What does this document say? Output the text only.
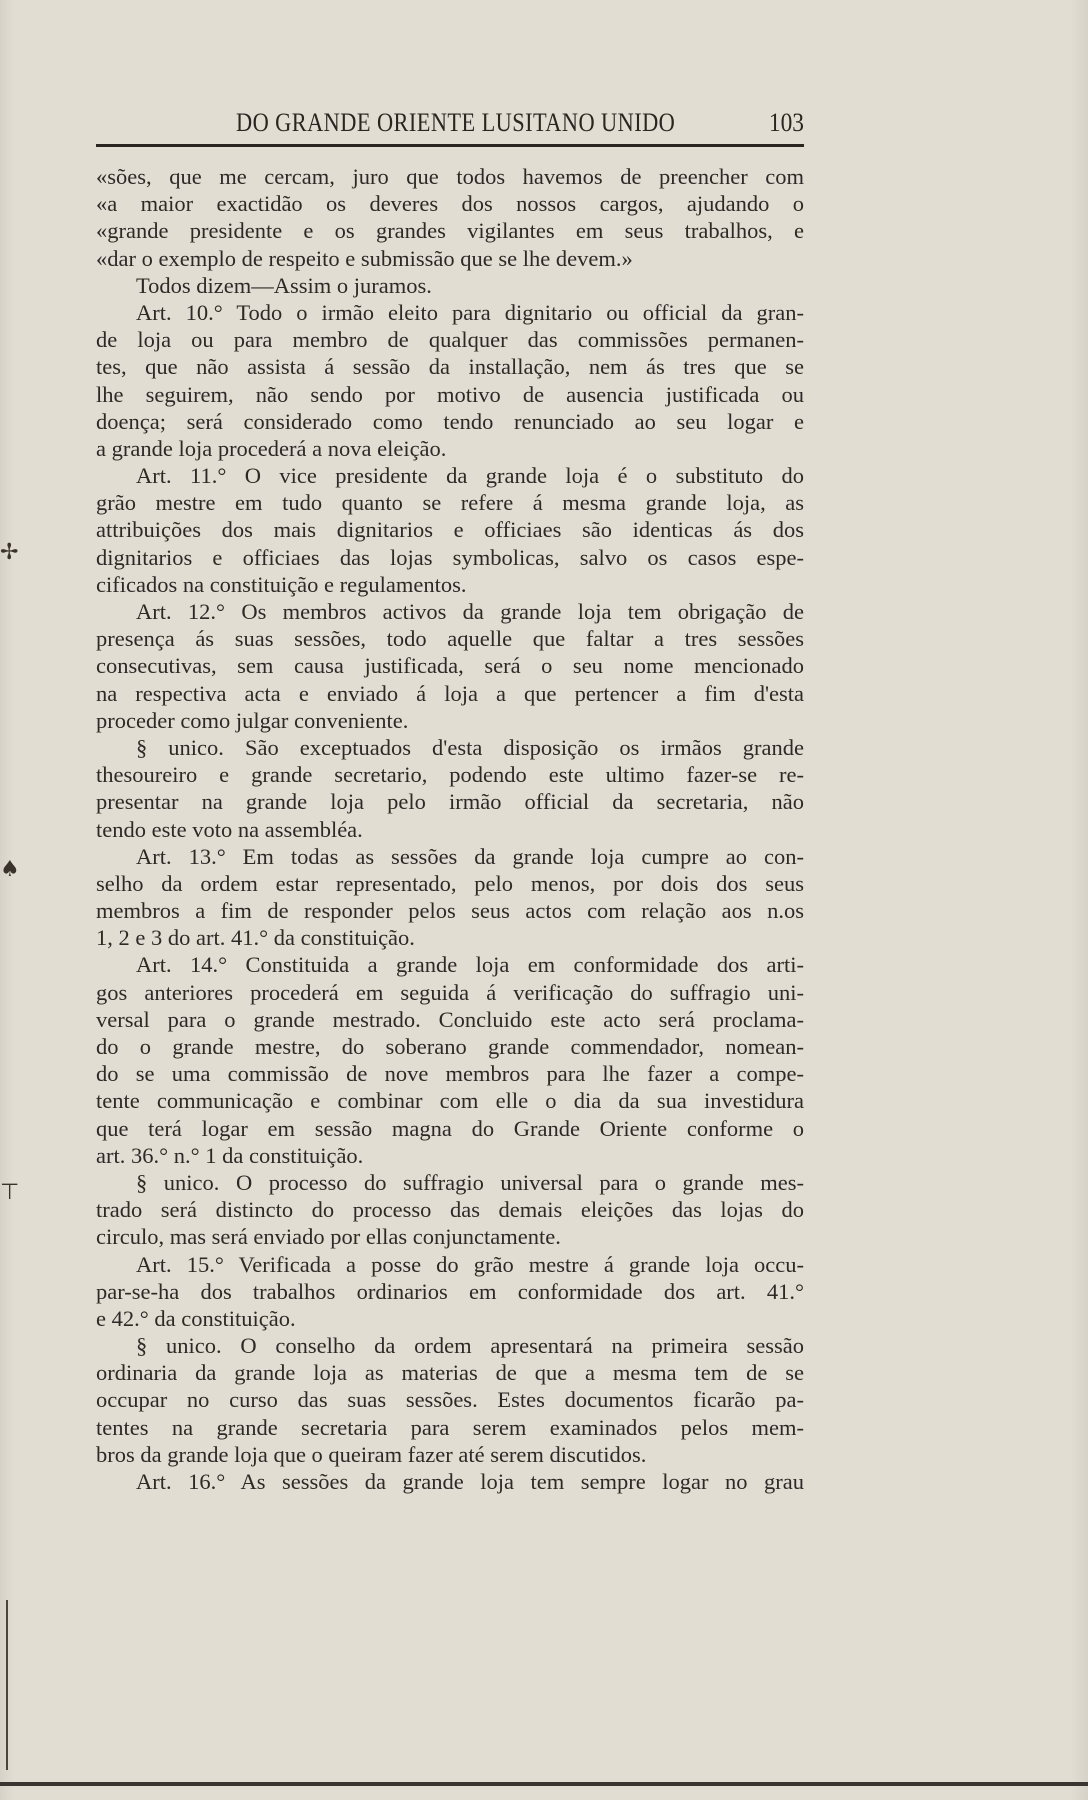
DO GRANDE ORIENTE LUSITANO UNIDO	103
«sões, que me cercam, juro que todos havemos de preencher com
«a maior exactidão os deveres dos nossos cargos, ajudando o
«grande presidente e os grandes vigilantes em seus trabalhos, e
«dar o exemplo de respeito e submissão que se lhe devem.»
Todos dizem—Assim o juramos.
Art. 10.° Todo o irmão eleito para dignitario ou official da gran-
de loja ou para membro de qualquer das commissões permanen-
tes, que não assista á sessão da installação, nem ás tres que se
lhe seguirem, não sendo por motivo de ausencia justificada ou
doença; será considerado como tendo renunciado ao seu logar e
a grande loja procederá a nova eleição.
Art. 11.° O vice presidente da grande loja é o substituto do
grão mestre em tudo quanto se refere á mesma grande loja, as
attribuições dos mais dignitarios e officiaes são identicas ás dos
dignitarios e officiaes das lojas symbolicas, salvo os casos espe-
cificados na constituição e regulamentos.
Art. 12.° Os membros activos da grande loja tem obrigação de
presença ás suas sessões, todo aquelle que faltar a tres sessões
consecutivas, sem causa justificada, será o seu nome mencionado
na respectiva acta e enviado á loja a que pertencer a fim d'esta
proceder como julgar conveniente.
§ unico. São exceptuados d'esta disposição os irmãos grande
thesoureiro e grande secretario, podendo este ultimo fazer-se re-
presentar na grande loja pelo irmão official da secretaria, não
tendo este voto na assembléa.
Art. 13.° Em todas as sessões da grande loja cumpre ao con-
selho da ordem estar representado, pelo menos, por dois dos seus
membros a fim de responder pelos seus actos com relação aos n.os
1, 2 e 3 do art. 41.° da constituição.
Art. 14.° Constituida a grande loja em conformidade dos arti-
gos anteriores procederá em seguida á verificação do suffragio uni-
versal para o grande mestrado. Concluido este acto será proclama-
do o grande mestre, do soberano grande commendador, nomean-
do se uma commissão de nove membros para lhe fazer a compe-
tente communicação e combinar com elle o dia da sua investidura
que terá logar em sessão magna do Grande Oriente conforme o
art. 36.° n.° 1 da constituição.
§ unico. O processo do suffragio universal para o grande mes-
trado será distincto do processo das demais eleições das lojas do
circulo, mas será enviado por ellas conjunctamente.
Art. 15.° Verificada a posse do grão mestre á grande loja occu-
par-se-ha dos trabalhos ordinarios em conformidade dos art. 41.°
e 42.° da constituição.
§ unico. O conselho da ordem apresentará na primeira sessão
ordinaria da grande loja as materias de que a mesma tem de se
occupar no curso das suas sessões. Estes documentos ficarão pa-
tentes na grande secretaria para serem examinados pelos mem-
bros da grande loja que o queiram fazer até serem discutidos.
Art. 16.° As sessões da grande loja tem sempre logar no grau
✢
♠
⊤
